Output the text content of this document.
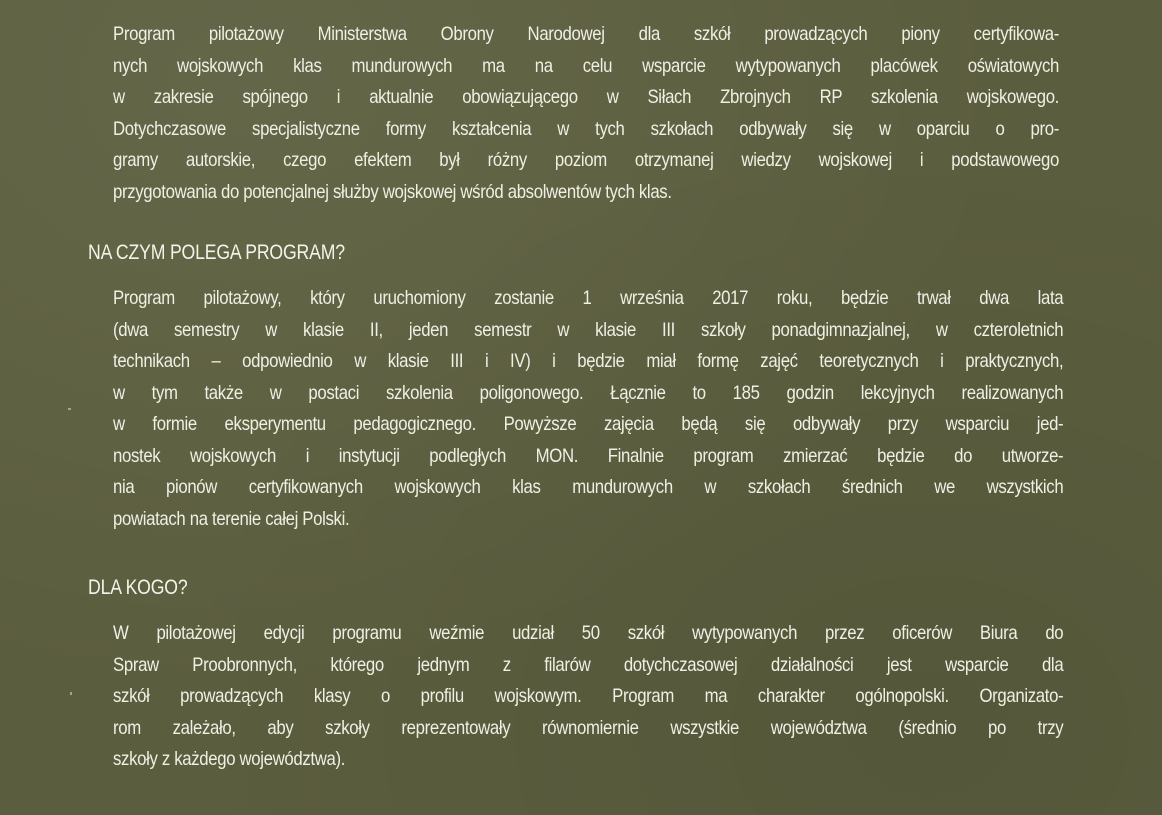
Program pilotażowy Ministerstwa Obrony Narodowej dla szkół prowadzących piony certyfikowa-
nych wojskowych klas mundurowych ma na celu wsparcie wytypowanych placówek oświatowych
w zakresie spójnego i aktualnie obowiązującego w Siłach Zbrojnych RP szkolenia wojskowego.
Dotychczasowe specjalistyczne formy kształcenia w tych szkołach odbywały się w oparciu o pro-
gramy autorskie, czego efektem był różny poziom otrzymanej wiedzy wojskowej i podstawowego
przygotowania do potencjalnej służby wojskowej wśród absolwentów tych klas.
NA CZYM POLEGA PROGRAM?
Program pilotażowy, który uruchomiony zostanie 1 września 2017 roku, będzie trwał dwa lata
(dwa semestry w klasie II, jeden semestr w klasie III szkoły ponadgimnazjalnej, w czteroletnich
technikach – odpowiednio w klasie III i IV) i będzie miał formę zajęć teoretycznych i praktycznych,
w tym także w postaci szkolenia poligonowego. Łącznie to 185 godzin lekcyjnych realizowanych
w formie eksperymentu pedagogicznego. Powyższe zajęcia będą się odbywały przy wsparciu jed-
nostek wojskowych i instytucji podległych MON. Finalnie program zmierzać będzie do utworze-
nia pionów certyfikowanych wojskowych klas mundurowych w szkołach średnich we wszystkich
powiatach na terenie całej Polski.
DLA KOGO?
W pilotażowej edycji programu weźmie udział 50 szkół wytypowanych przez oficerów Biura do
Spraw Proobronnych, którego jednym z filarów dotychczasowej działalności jest wsparcie dla
szkół prowadzących klasy o profilu wojskowym. Program ma charakter ogólnopolski. Organizato-
rom zależało, aby szkoły reprezentowały równomiernie wszystkie województwa (średnio po trzy
szkoły z każdego województwa).
